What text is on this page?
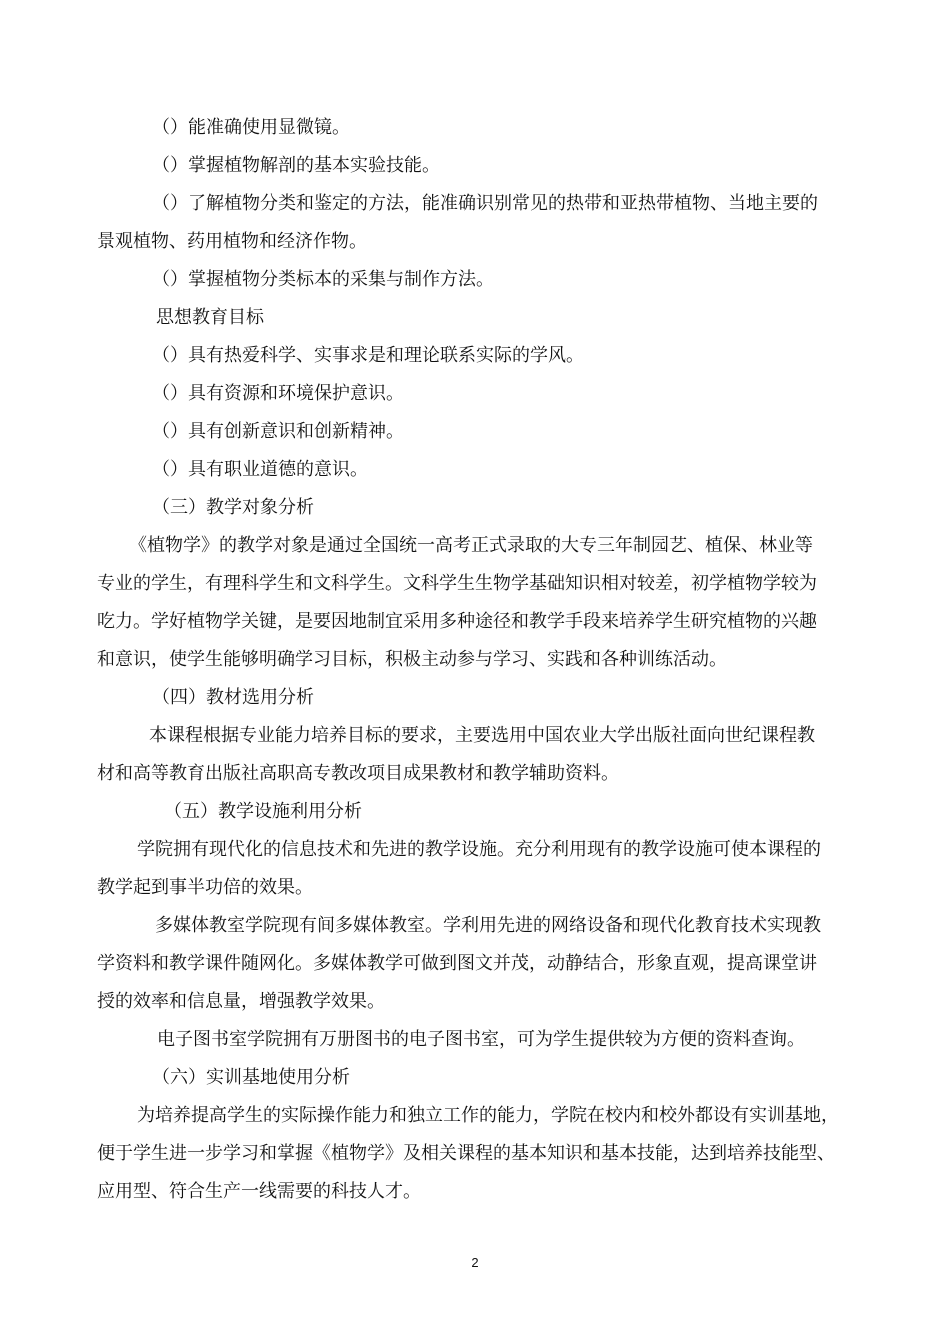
（）能准确使用显微镜。
（）掌握植物解剖的基本实验技能。
（）了解植物分类和鉴定的方法，能准确识别常见的热带和亚热带植物、当地主要的
景观植物、药用植物和经济作物。
（）掌握植物分类标本的采集与制作方法。
思想教育目标
（）具有热爱科学、实事求是和理论联系实际的学风。
（）具有资源和环境保护意识。
（）具有创新意识和创新精神。
（）具有职业道德的意识。
（三）教学对象分析
《植物学》的教学对象是通过全国统一高考正式录取的大专三年制园艺、植保、林业等
专业的学生，有理科学生和文科学生。文科学生生物学基础知识相对较差，初学植物学较为
吃力。学好植物学关键，是要因地制宜采用多种途径和教学手段来培养学生研究植物的兴趣
和意识，使学生能够明确学习目标，积极主动参与学习、实践和各种训练活动。
（四）教材选用分析
本课程根据专业能力培养目标的要求，主要选用中国农业大学出版社面向世纪课程教
材和高等教育出版社高职高专教改项目成果教材和教学辅助资料。
（五）教学设施利用分析
学院拥有现代化的信息技术和先进的教学设施。充分利用现有的教学设施可使本课程的
教学起到事半功倍的效果。
多媒体教室学院现有间多媒体教室。学利用先进的网络设备和现代化教育技术实现教
学资料和教学课件随网化。多媒体教学可做到图文并茂，动静结合，形象直观，提高课堂讲
授的效率和信息量，增强教学效果。
电子图书室学院拥有万册图书的电子图书室，可为学生提供较为方便的资料查询。
（六）实训基地使用分析
为培养提高学生的实际操作能力和独立工作的能力，学院在校内和校外都设有实训基地，
便于学生进一步学习和掌握《植物学》及相关课程的基本知识和基本技能，达到培养技能型、
应用型、符合生产一线需要的科技人才。
2
